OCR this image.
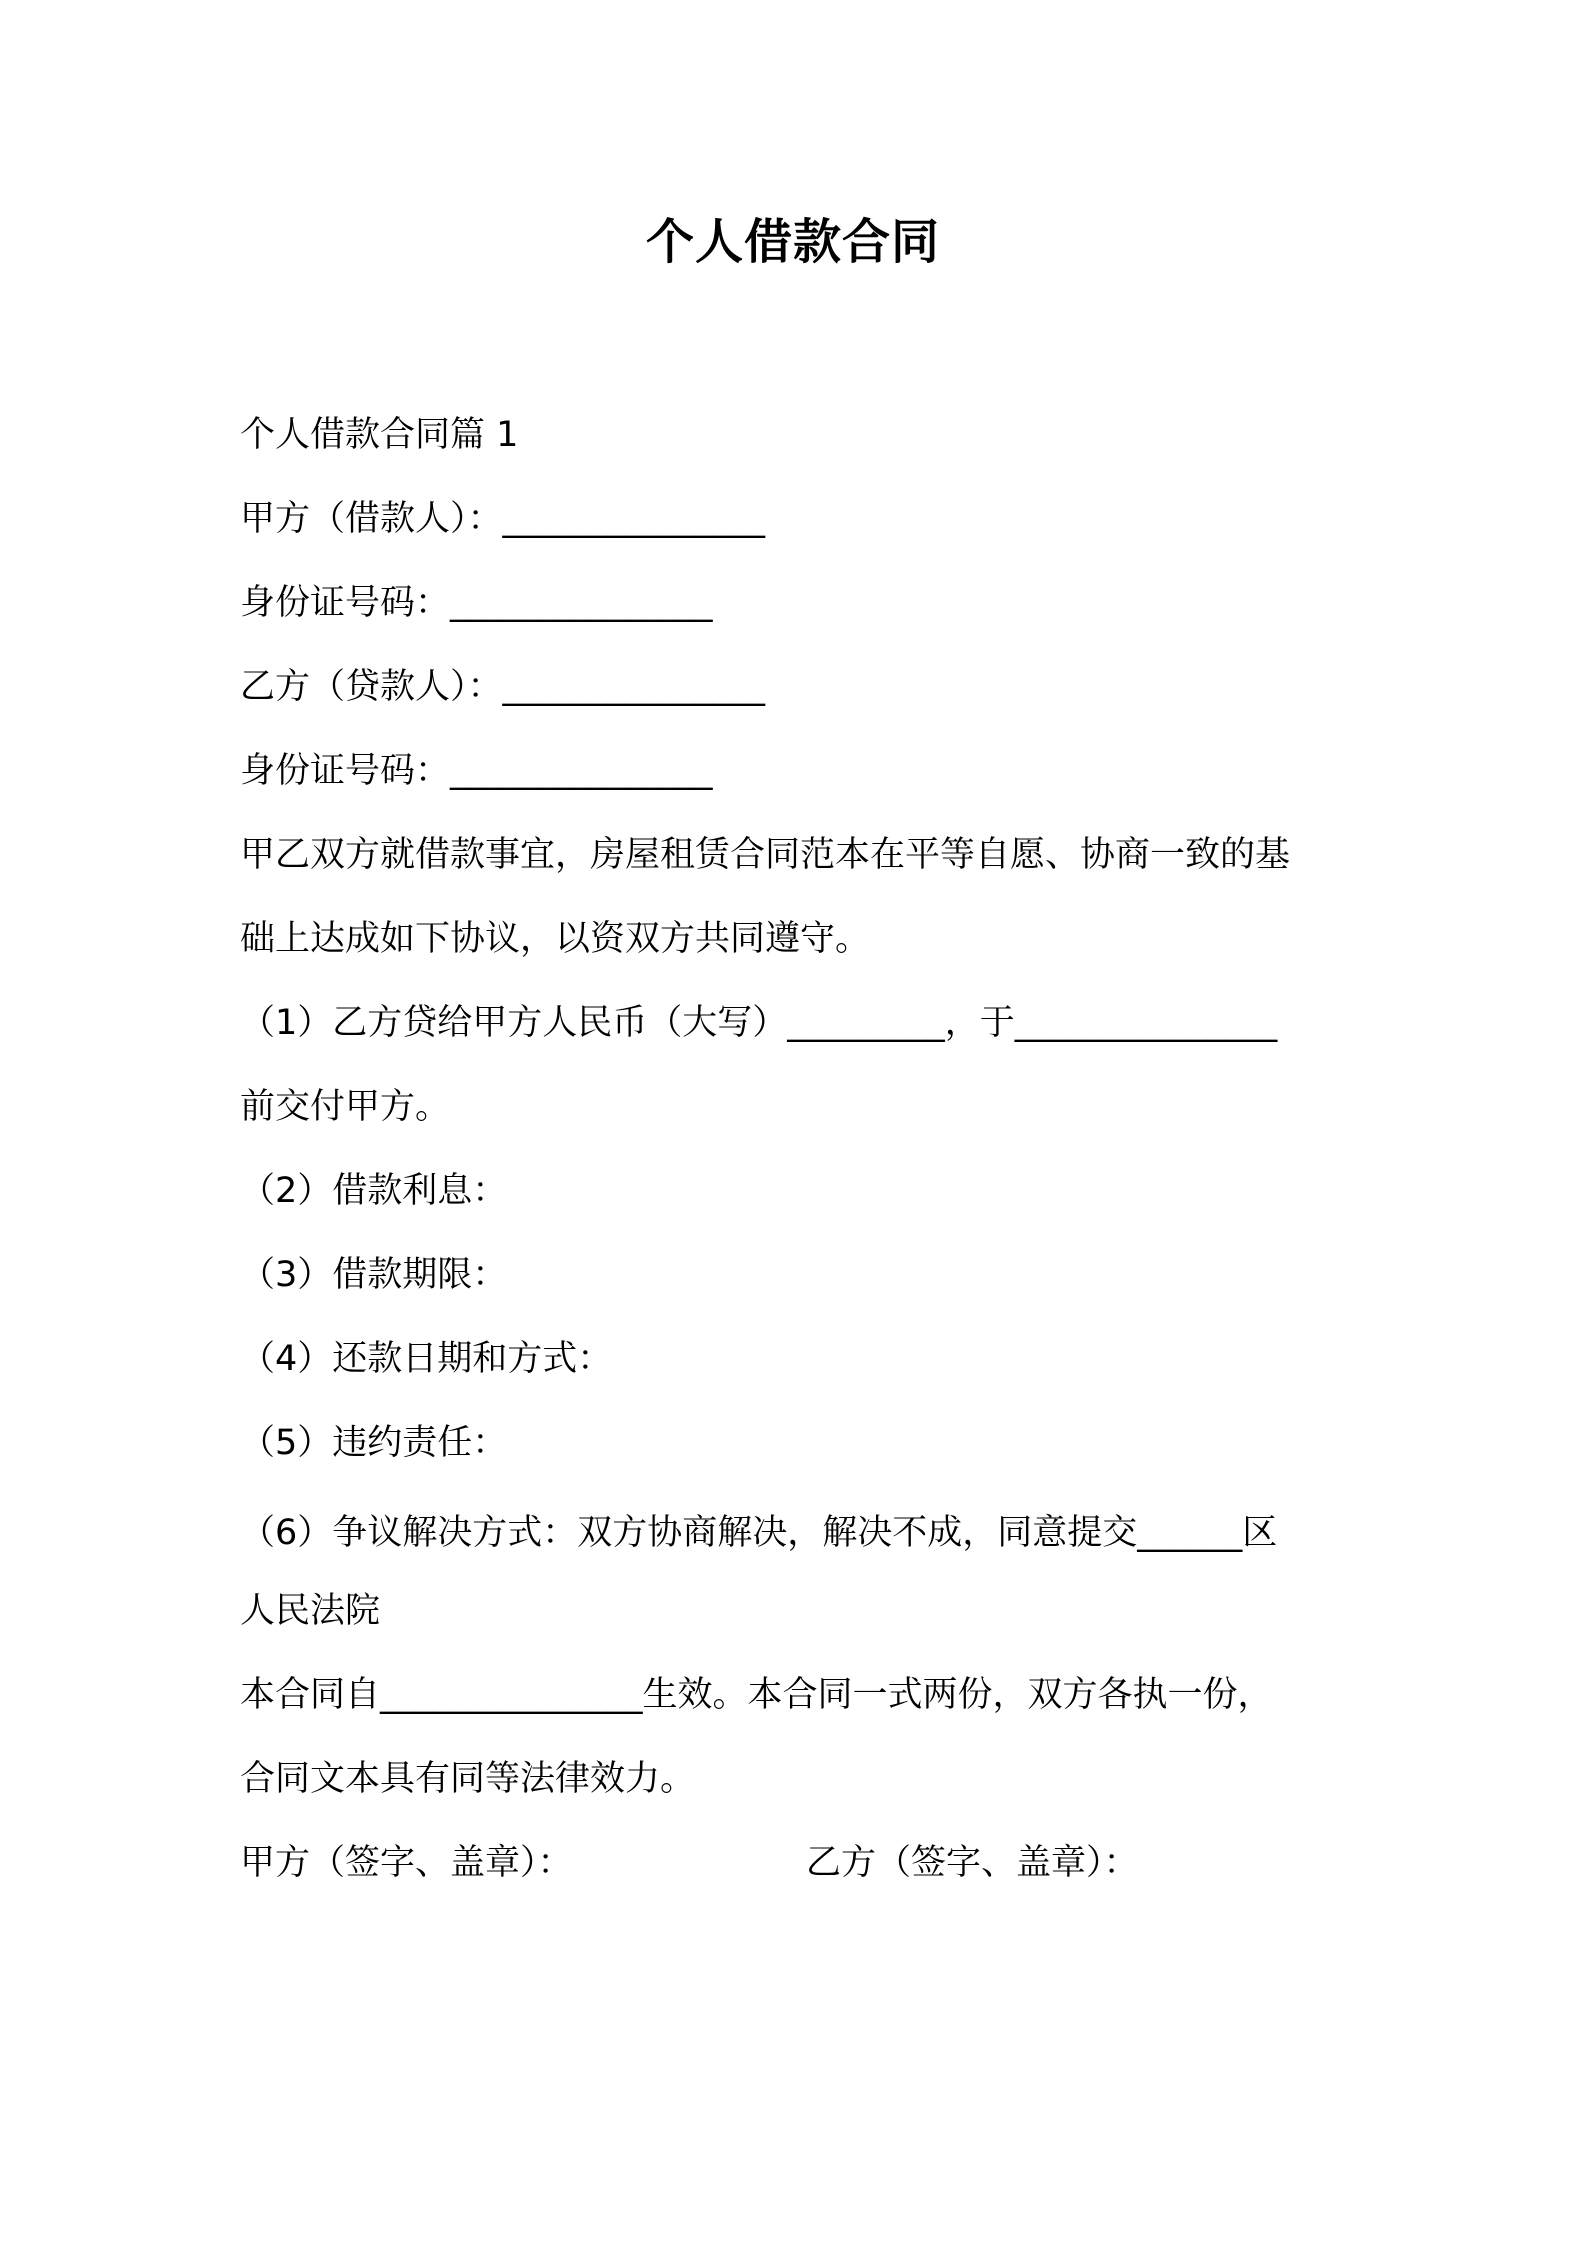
个人借款合同
个人借款合同篇 1
甲方（借款人）：_______________
身份证号码：_______________
乙方（贷款人）：_______________
身份证号码：_______________
甲乙双方就借款事宜，房屋租赁合同范本在平等自愿、协商一致的基
础上达成如下协议，以资双方共同遵守。
（1）乙方贷给甲方人民币（大写）_________，于_______________
前交付甲方。
（2）借款利息：
（3）借款期限：
（4）还款日期和方式：
（5）违约责任：
（6）争议解决方式：双方协商解决，解决不成，同意提交______区
人民法院
本合同自_______________生效。本合同一式两份，双方各执一份，
合同文本具有同等法律效力。
甲方（签字、盖章）：	乙方（签字、盖章）：
